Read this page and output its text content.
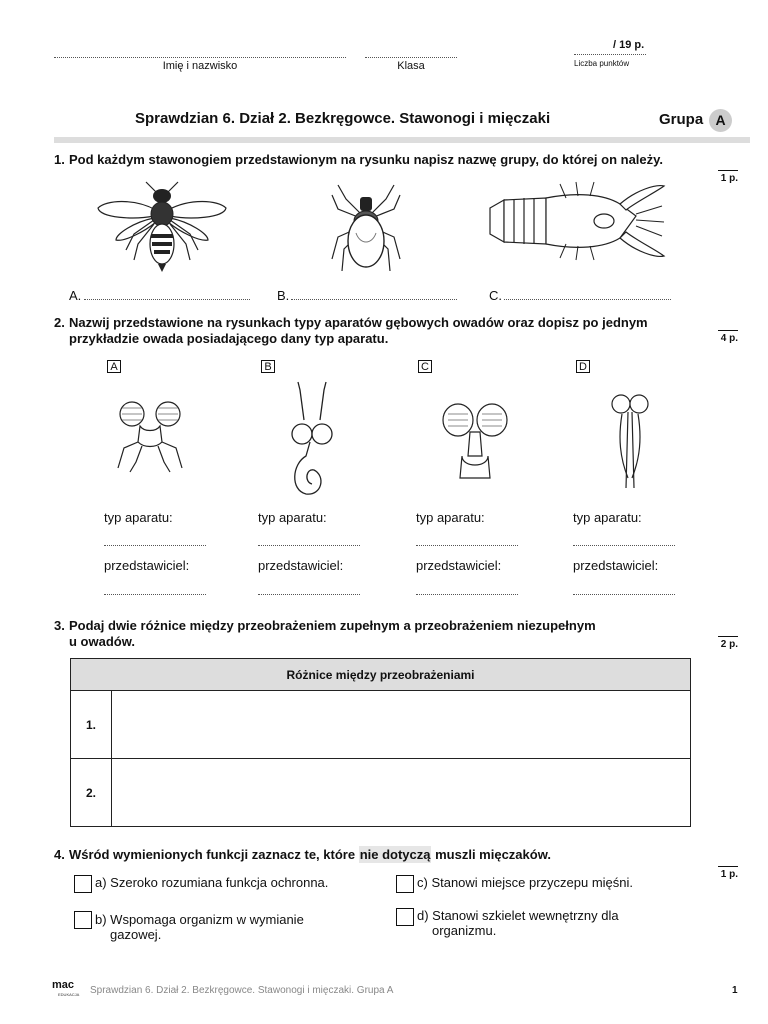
Imię i nazwisko	Klasa
/ 19 p.
Liczba punktów
Sprawdzian 6. Dział 2. Bezkręgowce. Stawonogi i mięczaki	Grupa A
1. Pod każdym stawonogiem przedstawionym na rysunku napisz nazwę grupy, do której on należy.
1 p.
A.	B.	C.
2. Nazwij przedstawione na rysunkach typy aparatów gębowych owadów oraz dopisz po jednym
przykładzie owada posiadającego dany typ aparatu.	4 p.
A	B	C	D
typ aparatu:
przedstawiciel:
typ aparatu:
przedstawiciel:
typ aparatu:
przedstawiciel:
typ aparatu:
przedstawiciel:
3. Podaj dwie różnice między przeobrażeniem zupełnym a przeobrażeniem niezupełnym
u owadów.	2 p.
Różnice między przeobrażeniami	
1.	
2.	
4. Wśród wymienionych funkcji zaznacz te, które nie dotyczą muszli mięczaków.
1 p.
a) Szeroko rozumiana funkcja ochronna.
b) Wspomaga organizm w wymianie
gazowej.
c) Stanowi miejsce przyczepu mięśni.
d) Stanowi szkielet wewnętrzny dla
organizmu.
mac
EDUKACJA Sprawdzian 6. Dział 2. Bezkręgowce. Stawonogi i mięczaki. Grupa A	1
